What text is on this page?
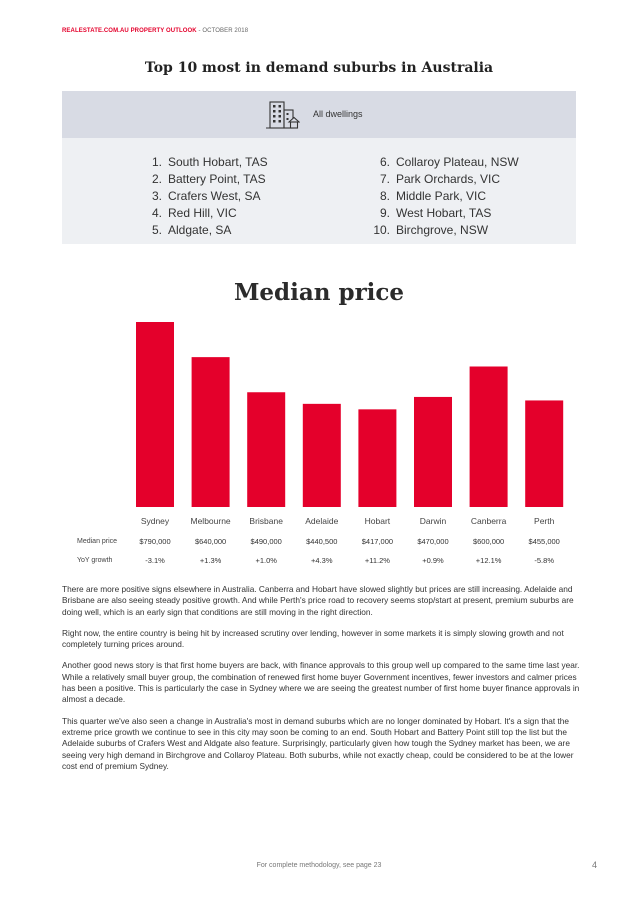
REALESTATE.COM.AU PROPERTY OUTLOOK - OCTOBER 2018
Top 10 most in demand suburbs in Australia
All dwellings
1. South Hobart, TAS
2. Battery Point, TAS
3. Crafers West, SA
4. Red Hill, VIC
5. Aldgate, SA
6. Collaroy Plateau, NSW
7. Park Orchards, VIC
8. Middle Park, VIC
9. West Hobart, TAS
10. Birchgrove, NSW
Median price
Median price
YoY growth
Sydney
$790,000
-3.1%
Melbourne
$640,000
+1.3%
Brisbane
$490,000
+1.0%
Adelaide
$440,500
+4.3%
Hobart
$417,000
+11.2%
Darwin
$470,000
+0.9%
Canberra
$600,000
+12.1%
Perth
$455,000
-5.8%

There are more positive signs elsewhere in Australia. Canberra and Hobart have slowed slightly but prices are still increasing. Adelaide and Brisbane are also seeing steady positive growth. And while Perth's price road to recovery seems stop/start at present, premium suburbs are doing well, which is an early sign that conditions are still moving in the right direction.

Right now, the entire country is being hit by increased scrutiny over lending, however in some markets it is simply slowing growth and not completely turning prices around.

Another good news story is that first home buyers are back, with finance approvals to this group well up compared to the same time last year. While a relatively small buyer group, the combination of renewed first home buyer Government incentives, fewer investors and calmer prices has been a positive. This is particularly the case in Sydney where we are seeing the greatest number of first home buyer finance approvals in almost a decade.

This quarter we've also seen a change in Australia's most in demand suburbs which are no longer dominated by Hobart. It's a sign that the extreme price growth we continue to see in this city may soon be coming to an end. South Hobart and Battery Point still top the list but the Adelaide suburbs of Crafers West and Aldgate also feature. Surprisingly, particularly given how tough the Sydney market has been, we are seeing very high demand in Birchgrove and Collaroy Plateau. Both suburbs, while not exactly cheap, could be considered to be at the lower cost end of premium Sydney.

For complete methodology, see page 23	4
